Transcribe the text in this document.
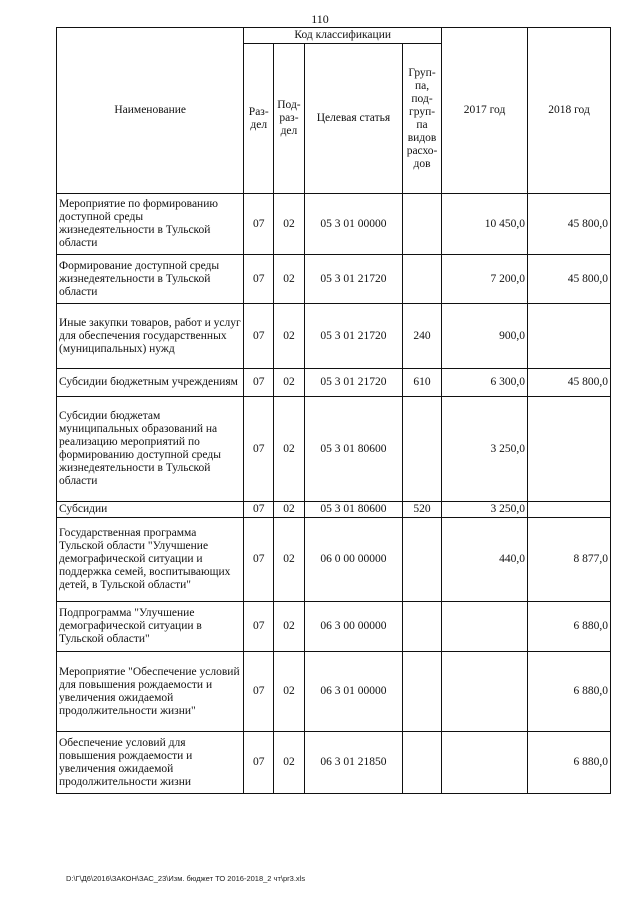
110
Наименование	Код классификации				2017 год	2018 год
	Раз-дел	Под-раз-дел	Целевая статья	Груп-па, под-груп-па видов расхо-дов		
Мероприятие по формированию доступной среды жизнедеятельности в Тульской области	07	02	05 3 01 00000		10 450,0	45 800,0
Формирование доступной среды жизнедеятельности в Тульской области	07	02	05 3 01 21720		7 200,0	45 800,0
Иные закупки товаров, работ и услуг для обеспечения государственных (муниципальных) нужд	07	02	05 3 01 21720	240	900,0	
Субсидии бюджетным учреждениям	07	02	05 3 01 21720	610	6 300,0	45 800,0
Субсидии бюджетам муниципальных образований на реализацию мероприятий по формированию доступной среды жизнедеятельности в Тульской области	07	02	05 3 01 80600		3 250,0	
Субсидии	07	02	05 3 01 80600	520	3 250,0	
Государственная программа Тульской области "Улучшение демографической ситуации и поддержка семей, воспитывающих детей, в Тульской области"	07	02	06 0 00 00000		440,0	8 877,0
Подпрограмма "Улучшение демографической ситуации в Тульской области"	07	02	06 3 00 00000			6 880,0
Мероприятие "Обеспечение условий для повышения рождаемости и увеличения ожидаемой продолжительности жизни"	07	02	06 3 01 00000			6 880,0
Обеспечение условий для повышения рождаемости и увеличения ожидаемой продолжительности жизни	07	02	06 3 01 21850			6 880,0
D:\Г\Д6\2016\ЗАКОН\ЗАС_23\Изм. бюджет ТО 2016-2018_2 чт\pr3.xls
